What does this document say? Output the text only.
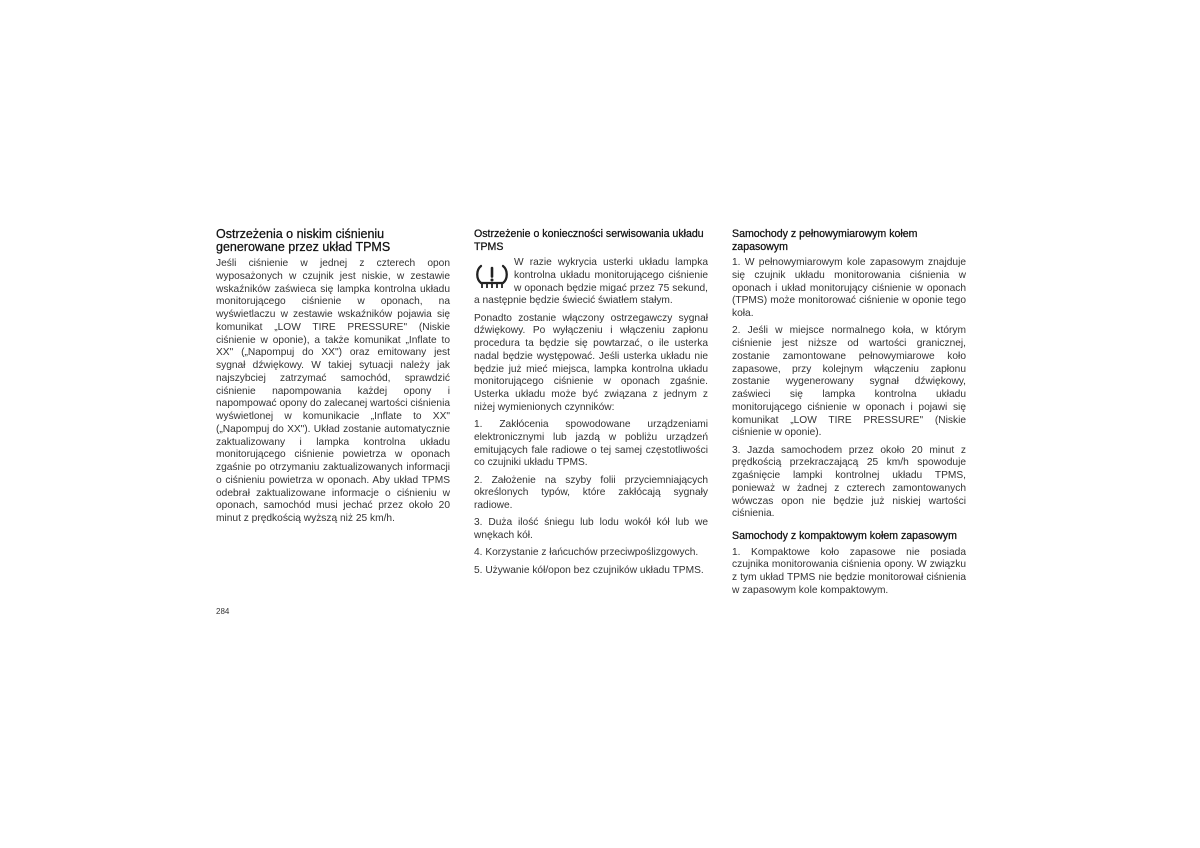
Ostrzeżenia o niskim ciśnieniu generowane przez układ TPMS

Jeśli ciśnienie w jednej z czterech opon wyposażonych w czujnik jest niskie, w zestawie wskaźników zaświeca się lampka kontrolna układu monitorującego ciśnienie w oponach, na wyświetlaczu w zestawie wskaźników pojawia się komunikat „LOW TIRE PRESSURE" (Niskie ciśnienie w oponie), a także komunikat „Inflate to XX" („Napompuj do XX") oraz emitowany jest sygnał dźwiękowy. W takiej sytuacji należy jak najszybciej zatrzymać samochód, sprawdzić ciśnienie napompowania każdej opony i napompować opony do zalecanej wartości ciśnienia wyświetlonej w komunikacie „Inflate to XX" („Napompuj do XX"). Układ zostanie automatycznie zaktualizowany i lampka kontrolna układu monitorującego ciśnienie powietrza w oponach zgaśnie po otrzymaniu zaktualizowanych informacji o ciśnieniu powietrza w oponach. Aby układ TPMS odebrał zaktualizowane informacje o ciśnieniu w oponach, samochód musi jechać przez około 20 minut z prędkością wyższą niż 25 km/h.

Ostrzeżenie o konieczności serwisowania układu TPMS

W razie wykrycia usterki układu lampka kontrolna układu monitorującego ciśnienie w oponach będzie migać przez 75 sekund, a następnie będzie świecić światłem stałym.

Ponadto zostanie włączony ostrzegawczy sygnał dźwiękowy. Po wyłączeniu i włączeniu zapłonu procedura ta będzie się powtarzać, o ile usterka nadal będzie występować. Jeśli usterka układu nie będzie już mieć miejsca, lampka kontrolna układu monitorującego ciśnienie w oponach zgaśnie. Usterka układu może być związana z jednym z niżej wymienionych czynników:

1. Zakłócenia spowodowane urządzeniami elektronicznymi lub jazdą w pobliżu urządzeń emitujących fale radiowe o tej samej częstotliwości co czujniki układu TPMS.

2. Założenie na szyby folii przyciemniających określonych typów, które zakłócają sygnały radiowe.

3. Duża ilość śniegu lub lodu wokół kół lub we wnękach kół.

4. Korzystanie z łańcuchów przeciwpoślizgowych.

5. Używanie kół/opon bez czujników układu TPMS.

Samochody z pełnowymiarowym kołem zapasowym

1. W pełnowymiarowym kole zapasowym znajduje się czujnik układu monitorowania ciśnienia w oponach i układ monitorujący ciśnienie w oponach (TPMS) może monitorować ciśnienie w oponie tego koła.

2. Jeśli w miejsce normalnego koła, w którym ciśnienie jest niższe od wartości granicznej, zostanie zamontowane pełnowymiarowe koło zapasowe, przy kolejnym włączeniu zapłonu zostanie wygenerowany sygnał dźwiękowy, zaświeci się lampka kontrolna układu monitorującego ciśnienie w oponach i pojawi się komunikat „LOW TIRE PRESSURE" (Niskie ciśnienie w oponie).

3. Jazda samochodem przez około 20 minut z prędkością przekraczającą 25 km/h spowoduje zgaśnięcie lampki kontrolnej układu TPMS, ponieważ w żadnej z czterech zamontowanych wówczas opon nie będzie już niskiej wartości ciśnienia.

Samochody z kompaktowym kołem zapasowym

1. Kompaktowe koło zapasowe nie posiada czujnika monitorowania ciśnienia opony. W związku z tym układ TPMS nie będzie monitorował ciśnienia w zapasowym kole kompaktowym.

284
